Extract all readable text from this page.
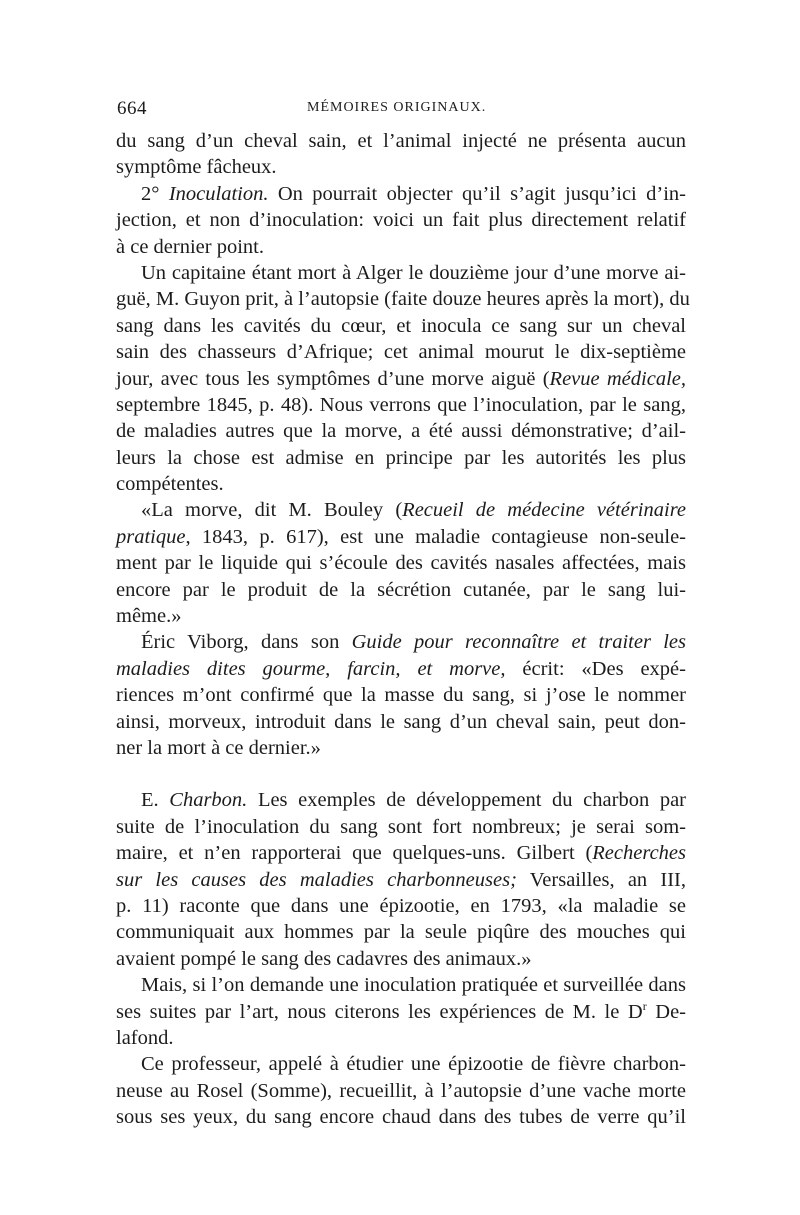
664	MÉMOIRES ORIGINAUX.
du sang d’un cheval sain, et l’animal injecté ne présenta aucun
symptôme fâcheux.
2° Inoculation. On pourrait objecter qu’il s’agit jusqu’ici d’in-
jection, et non d’inoculation: voici un fait plus directement relatif
à ce dernier point.
Un capitaine étant mort à Alger le douzième jour d’une morve ai-
guë, M. Guyon prit, à l’autopsie (faite douze heures après la mort), du
sang dans les cavités du cœur, et inocula ce sang sur un cheval
sain des chasseurs d’Afrique; cet animal mourut le dix-septième
jour, avec tous les symptômes d’une morve aiguë (Revue médicale,
septembre 1845, p. 48). Nous verrons que l’inoculation, par le sang,
de maladies autres que la morve, a été aussi démonstrative; d’ail-
leurs la chose est admise en principe par les autorités les plus
compétentes.
«La morve, dit M. Bouley (Recueil de médecine vétérinaire
pratique, 1843, p. 617), est une maladie contagieuse non-seule-
ment par le liquide qui s’écoule des cavités nasales affectées, mais
encore par le produit de la sécrétion cutanée, par le sang lui-
même.»
Éric Viborg, dans son Guide pour reconnaître et traiter les
maladies dites gourme, farcin, et morve, écrit: «Des expé-
riences m’ont confirmé que la masse du sang, si j’ose le nommer
ainsi, morveux, introduit dans le sang d’un cheval sain, peut don-
ner la mort à ce dernier.»
E. Charbon. Les exemples de développement du charbon par
suite de l’inoculation du sang sont fort nombreux; je serai som-
maire, et n’en rapporterai que quelques-uns. Gilbert (Recherches
sur les causes des maladies charbonneuses; Versailles, an III,
p. 11) raconte que dans une épizootie, en 1793, «la maladie se
communiquait aux hommes par la seule piqûre des mouches qui
avaient pompé le sang des cadavres des animaux.»
Mais, si l’on demande une inoculation pratiquée et surveillée dans
ses suites par l’art, nous citerons les expériences de M. le $D^r$ De-
lafond.
Ce professeur, appelé à étudier une épizootie de fièvre charbon-
neuse au Rosel (Somme), recueillit, à l’autopsie d’une vache morte
sous ses yeux, du sang encore chaud dans des tubes de verre qu’il
